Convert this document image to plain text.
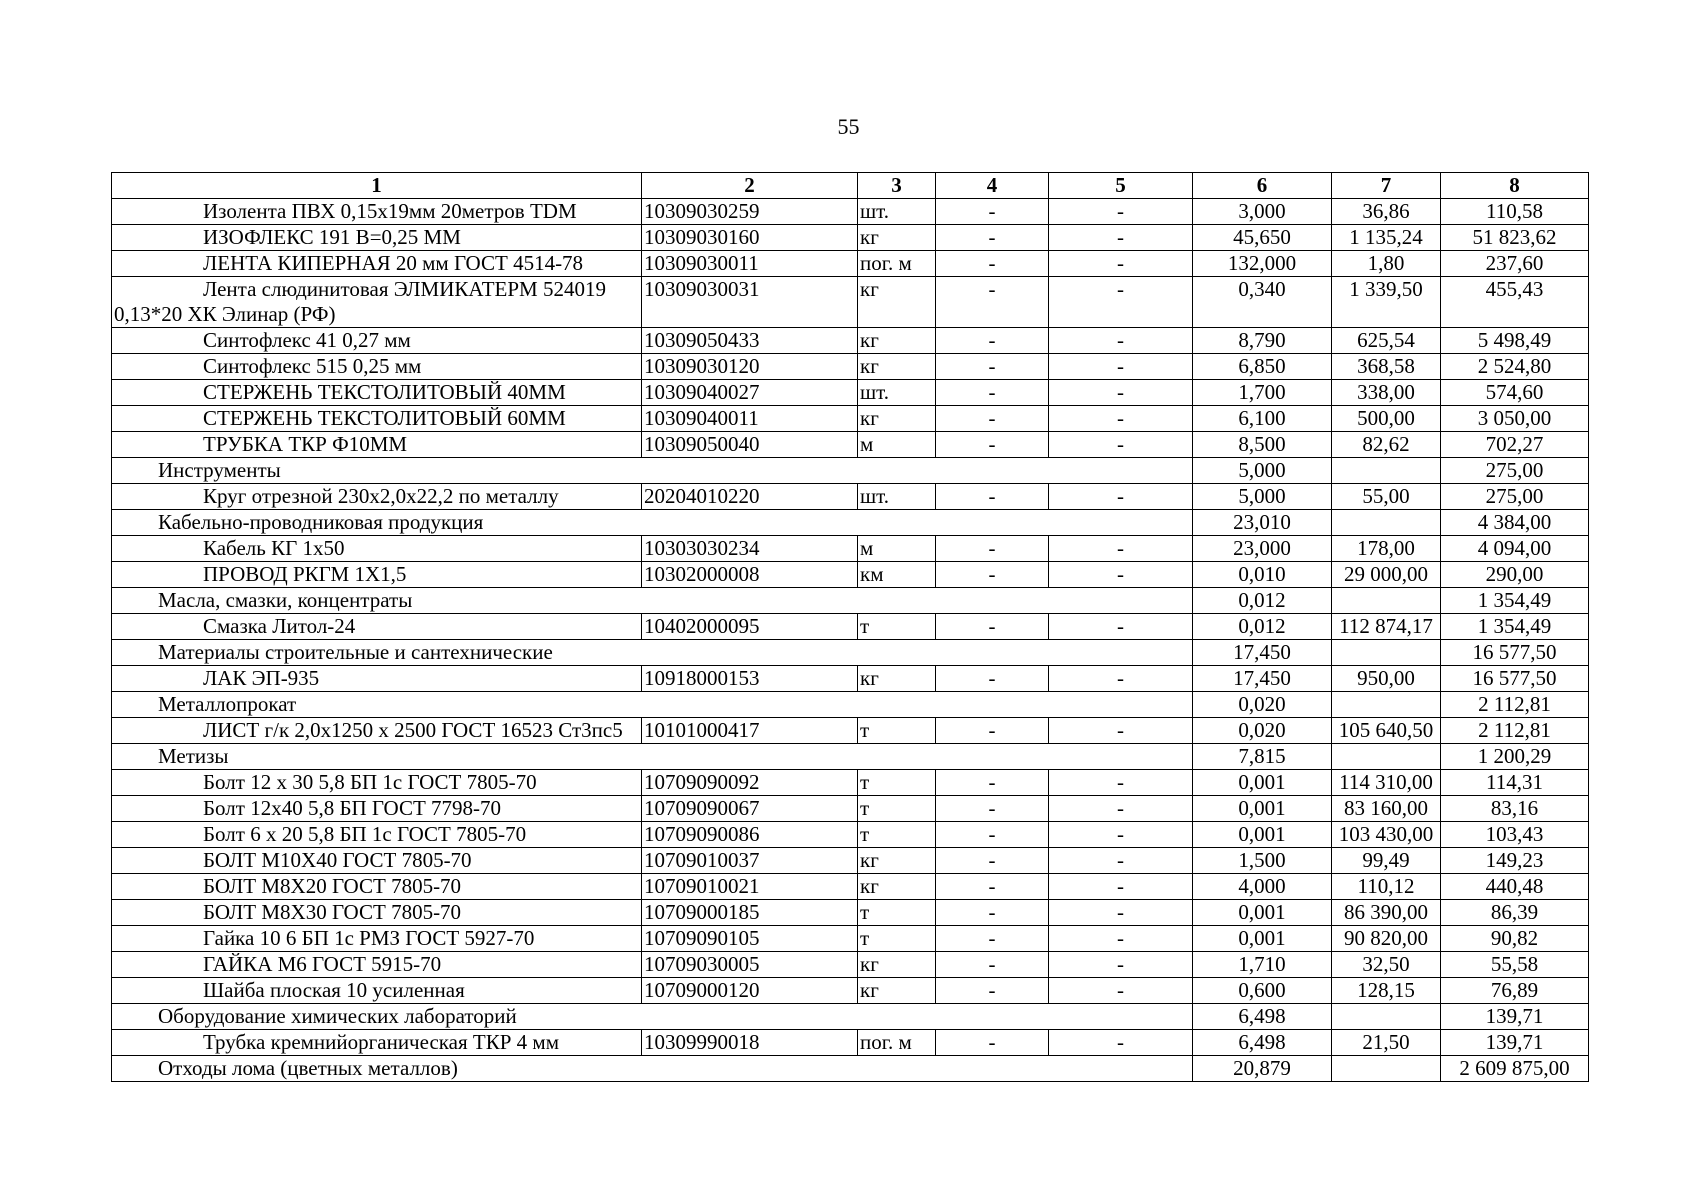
55
1	2	3	4	5	6	7	8
Изолента ПВХ 0,15х19мм 20метров TDM	10309030259	шт.	-	-	3,000	36,86	110,58
ИЗОФЛЕКС 191 В=0,25 ММ	10309030160	кг	-	-	45,650	1 135,24	51 823,62
ЛЕНТА КИПЕРНАЯ 20 мм ГОСТ 4514-78	10309030011	пог. м	-	-	132,000	1,80	237,60
Лента слюдинитовая ЭЛМИКАТЕРМ 524019 0,13*20 ХК Элинар (РФ)	10309030031	кг	-	-	0,340	1 339,50	455,43
Синтофлекс 41 0,27 мм	10309050433	кг	-	-	8,790	625,54	5 498,49
Синтофлекс 515 0,25 мм	10309030120	кг	-	-	6,850	368,58	2 524,80
СТЕРЖЕНЬ ТЕКСТОЛИТОВЫЙ 40ММ	10309040027	шт.	-	-	1,700	338,00	574,60
СТЕРЖЕНЬ ТЕКСТОЛИТОВЫЙ 60ММ	10309040011	кг	-	-	6,100	500,00	3 050,00
ТРУБКА ТКР Ф10ММ	10309050040	м	-	-	8,500	82,62	702,27
Инструменты					5,000		275,00
Круг отрезной 230х2,0х22,2 по металлу	20204010220	шт.	-	-	5,000	55,00	275,00
Кабельно-проводниковая продукция					23,010		4 384,00
Кабель КГ 1х50	10303030234	м	-	-	23,000	178,00	4 094,00
ПРОВОД РКГМ 1Х1,5	10302000008	км	-	-	0,010	29 000,00	290,00
Масла, смазки, концентраты					0,012		1 354,49
Смазка Литол-24	10402000095	т	-	-	0,012	112 874,17	1 354,49
Материалы строительные и сантехнические					17,450		16 577,50
ЛАК ЭП-935	10918000153	кг	-	-	17,450	950,00	16 577,50
Металлопрокат					0,020		2 112,81
ЛИСТ г/к 2,0х1250 х 2500 ГОСТ 16523 Ст3пс5	10101000417	т	-	-	0,020	105 640,50	2 112,81
Метизы					7,815		1 200,29
Болт 12 х 30 5,8 БП 1с ГОСТ 7805-70	10709090092	т	-	-	0,001	114 310,00	114,31
Болт 12х40 5,8 БП ГОСТ 7798-70	10709090067	т	-	-	0,001	83 160,00	83,16
Болт 6 х 20 5,8 БП 1с ГОСТ 7805-70	10709090086	т	-	-	0,001	103 430,00	103,43
БОЛТ М10Х40 ГОСТ 7805-70	10709010037	кг	-	-	1,500	99,49	149,23
БОЛТ М8Х20 ГОСТ 7805-70	10709010021	кг	-	-	4,000	110,12	440,48
БОЛТ М8Х30 ГОСТ 7805-70	10709000185	т	-	-	0,001	86 390,00	86,39
Гайка 10 6 БП 1с РМЗ ГОСТ 5927-70	10709090105	т	-	-	0,001	90 820,00	90,82
ГАЙКА М6 ГОСТ 5915-70	10709030005	кг	-	-	1,710	32,50	55,58
Шайба плоская 10 усиленная	10709000120	кг	-	-	0,600	128,15	76,89
Оборудование химических лабораторий					6,498		139,71
Трубка кремнийорганическая ТКР 4 мм	10309990018	пог. м	-	-	6,498	21,50	139,71
Отходы лома (цветных металлов)					20,879		2 609 875,00
